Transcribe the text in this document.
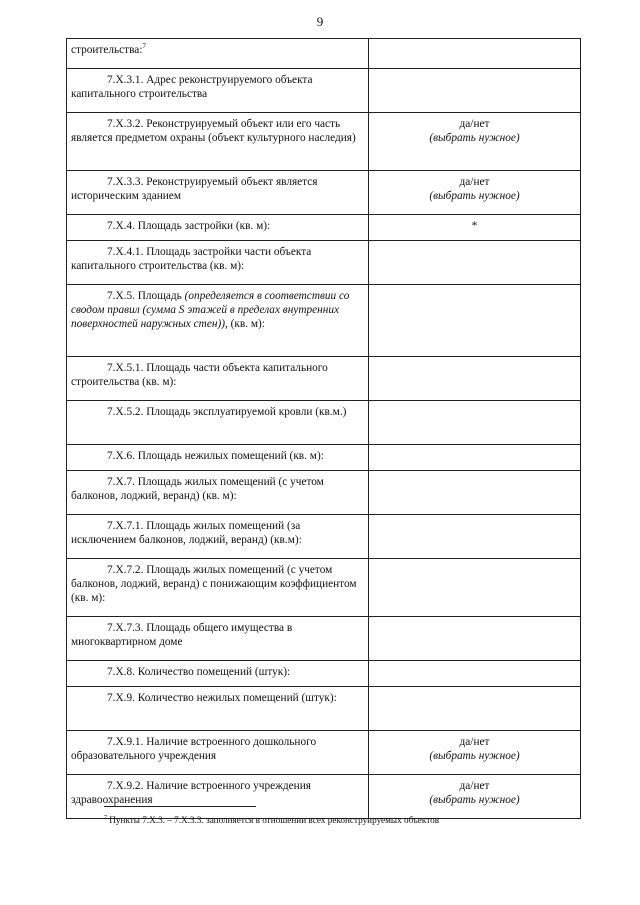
9
строительства:$^7$	
7.Х.3.1. Адрес реконструируемого объекта капитального строительства	
7.Х.3.2. Реконструируемый объект или его часть является предметом охраны (объект культурного наследия)	да/нет
(выбрать нужное)

7.Х.3.3. Реконструируемый объект является историческим зданием	да/нет
(выбрать нужное)

7.Х.4. Площадь застройки (кв. м):	*
7.Х.4.1. Площадь застройки части объекта капитального строительства (кв. м):	
7.Х.5. Площадь (определяется в соответствии со сводом правил (сумма S этажей в пределах внутренних поверхностей наружных стен)), (кв. м):	
7.Х.5.1. Площадь части объекта капитального строительства (кв. м):	
7.Х.5.2. Площадь эксплуатируемой кровли (кв.м.)	
7.Х.6. Площадь нежилых помещений (кв. м):	
7.Х.7. Площадь жилых помещений (с учетом балконов, лоджий, веранд) (кв. м):	
7.Х.7.1. Площадь жилых помещений (за исключением балконов, лоджий, веранд) (кв.м):	
7.Х.7.2. Площадь жилых помещений (с учетом балконов, лоджий, веранд) с понижающим коэффициентом (кв. м):	
7.Х.7.3. Площадь общего имущества в многоквартирном доме	
7.Х.8. Количество помещений (штук):	
7.Х.9. Количество нежилых помещений (штук):	
7.Х.9.1. Наличие встроенного дошкольного образовательного учреждения	да/нет
(выбрать нужное)

7.Х.9.2. Наличие встроенного учреждения здравоохранения	да/нет
(выбрать нужное)
$^7$ Пункты 7.Х.3. – 7.Х.3.3. заполняется в отношении всех реконструируемых объектов
